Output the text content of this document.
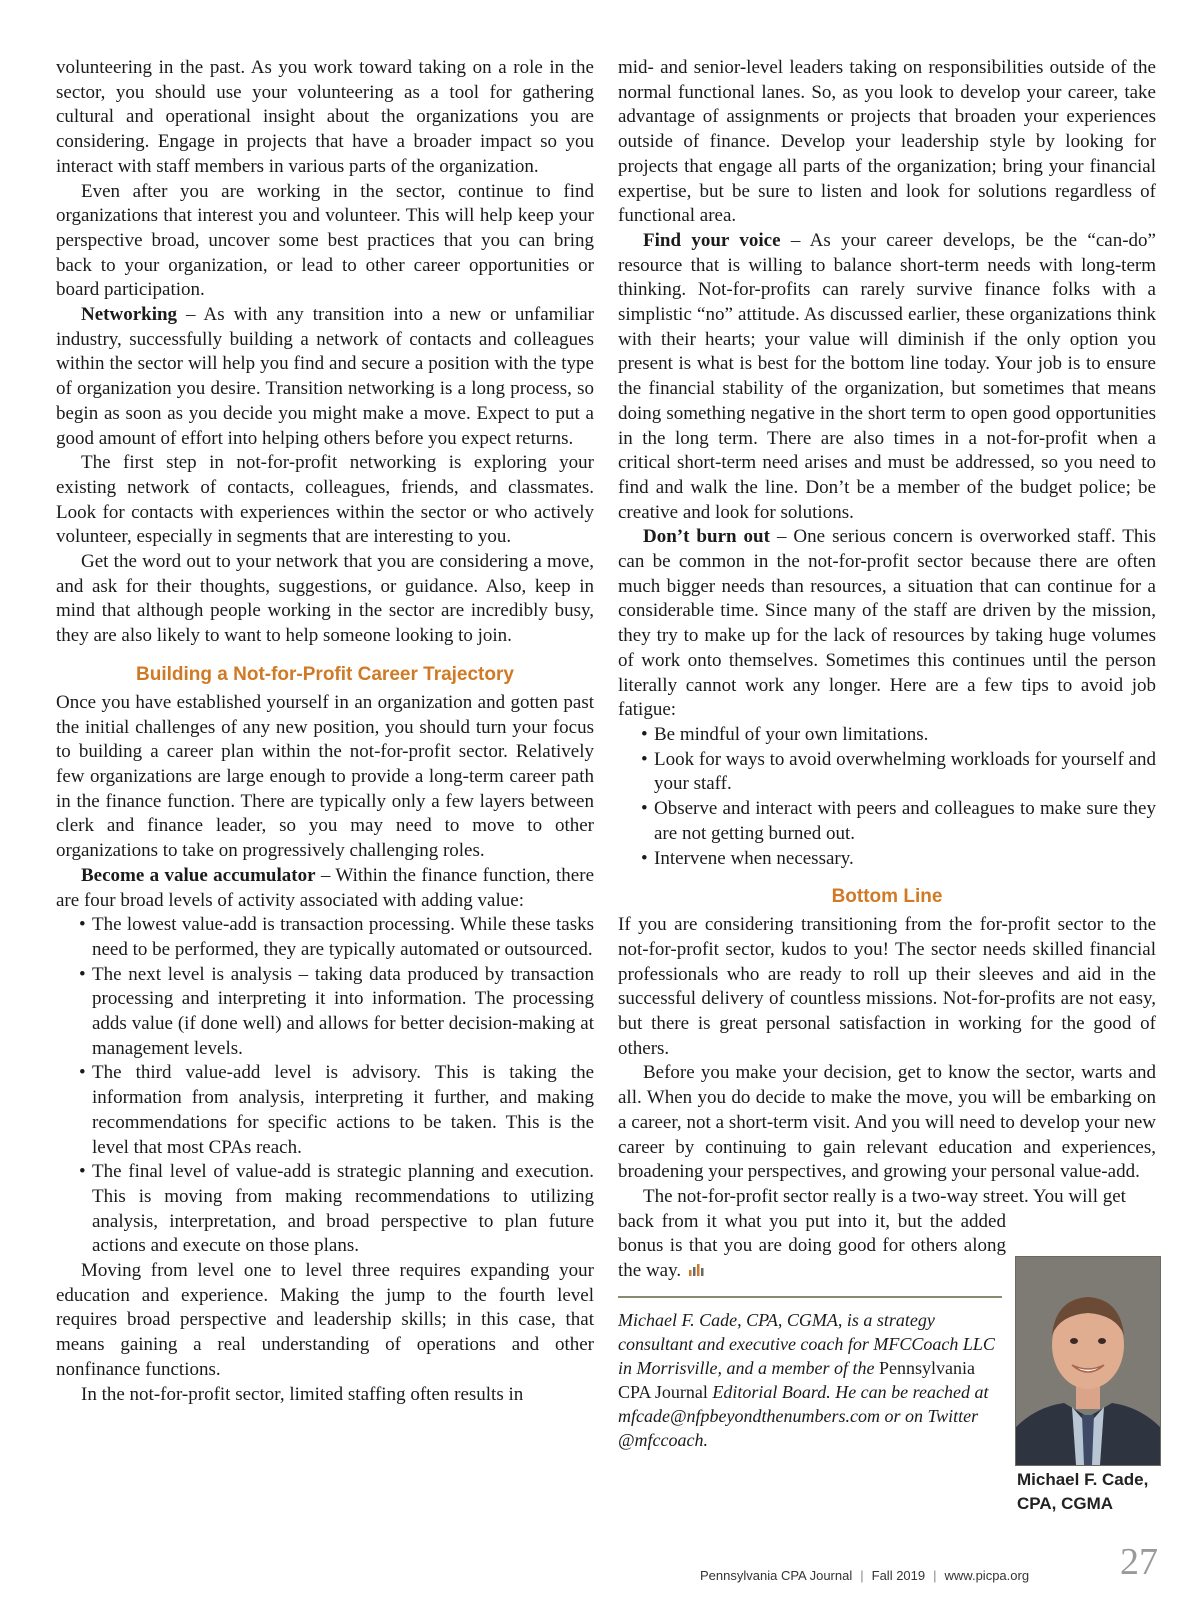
volunteering in the past. As you work toward taking on a role in the sector, you should use your volunteering as a tool for gathering cultural and operational insight about the organizations you are considering. Engage in projects that have a broader impact so you interact with staff members in various parts of the organization.

Even after you are working in the sector, continue to find organizations that interest you and volunteer. This will help keep your perspective broad, uncover some best practices that you can bring back to your organization, or lead to other career opportunities or board participation.

Networking – As with any transition into a new or unfamiliar industry, successfully building a network of contacts and colleagues within the sector will help you find and secure a position with the type of organization you desire. Transition networking is a long process, so begin as soon as you decide you might make a move. Expect to put a good amount of effort into helping others before you expect returns.

The first step in not-for-profit networking is exploring your existing network of contacts, colleagues, friends, and classmates. Look for contacts with experiences within the sector or who actively volunteer, especially in segments that are interesting to you.

Get the word out to your network that you are considering a move, and ask for their thoughts, suggestions, or guidance. Also, keep in mind that although people working in the sector are incredibly busy, they are also likely to want to help someone looking to join.

Building a Not-for-Profit Career Trajectory

Once you have established yourself in an organization and gotten past the initial challenges of any new position, you should turn your focus to building a career plan within the not-for-profit sector. Relatively few organizations are large enough to provide a long-term career path in the finance function. There are typically only a few layers between clerk and finance leader, so you may need to move to other organizations to take on progressively challenging roles.

Become a value accumulator – Within the finance function, there are four broad levels of activity associated with adding value:

• The lowest value-add is transaction processing. While these tasks need to be performed, they are typically automated or outsourced.
• The next level is analysis – taking data produced by transaction processing and interpreting it into information. The processing adds value (if done well) and allows for better decision-making at management levels.
• The third value-add level is advisory. This is taking the information from analysis, interpreting it further, and making recommendations for specific actions to be taken. This is the level that most CPAs reach.
• The final level of value-add is strategic planning and execution. This is moving from making recommendations to utilizing analysis, interpretation, and broad perspective to plan future actions and execute on those plans.

Moving from level one to level three requires expanding your education and experience. Making the jump to the fourth level requires broad perspective and leadership skills; in this case, that means gaining a real understanding of operations and other nonfinance functions.

In the not-for-profit sector, limited staffing often results in

mid- and senior-level leaders taking on responsibilities outside of the normal functional lanes. So, as you look to develop your career, take advantage of assignments or projects that broaden your experiences outside of finance. Develop your leadership style by looking for projects that engage all parts of the organization; bring your financial expertise, but be sure to listen and look for solutions regardless of functional area.

Find your voice – As your career develops, be the “can-do” resource that is willing to balance short-term needs with long-term thinking. Not-for-profits can rarely survive finance folks with a simplistic “no” attitude. As discussed earlier, these organizations think with their hearts; your value will diminish if the only option you present is what is best for the bottom line today. Your job is to ensure the financial stability of the organization, but sometimes that means doing something negative in the short term to open good opportunities in the long term. There are also times in a not-for-profit when a critical short-term need arises and must be addressed, so you need to find and walk the line. Don’t be a member of the budget police; be creative and look for solutions.

Don’t burn out – One serious concern is overworked staff. This can be common in the not-for-profit sector because there are often much bigger needs than resources, a situation that can continue for a considerable time. Since many of the staff are driven by the mission, they try to make up for the lack of resources by taking huge volumes of work onto themselves. Sometimes this continues until the person literally cannot work any longer. Here are a few tips to avoid job fatigue:

• Be mindful of your own limitations.
• Look for ways to avoid overwhelming workloads for yourself and your staff.
• Observe and interact with peers and colleagues to make sure they are not getting burned out.
• Intervene when necessary.
Bottom Line

If you are considering transitioning from the for-profit sector to the not-for-profit sector, kudos to you! The sector needs skilled financial professionals who are ready to roll up their sleeves and aid in the successful delivery of countless missions. Not-for-profits are not easy, but there is great personal satisfaction in working for the good of others.

Before you make your decision, get to know the sector, warts and all. When you do decide to make the move, you will be embarking on a career, not a short-term visit. And you will need to develop your new career by continuing to gain relevant education and experiences, broadening your perspectives, and growing your personal value-add.

The not-for-profit sector really is a two-way street. You will get

back from it what you put into it, but the added bonus is that you are doing good for others along the way.
Michael F. Cade, CPA, CGMA, is a strategy consultant and executive coach for MFCCoach LLC in Morrisville, and a member of the Pennsylvania CPA Journal Editorial Board. He can be reached at mfcade@nfpbeyondthenumbers.com or on Twitter @mfccoach.
Michael F. Cade,
CPA, CGMA
Pennsylvania CPA Journal | Fall 2019 | www.picpa.org 27
